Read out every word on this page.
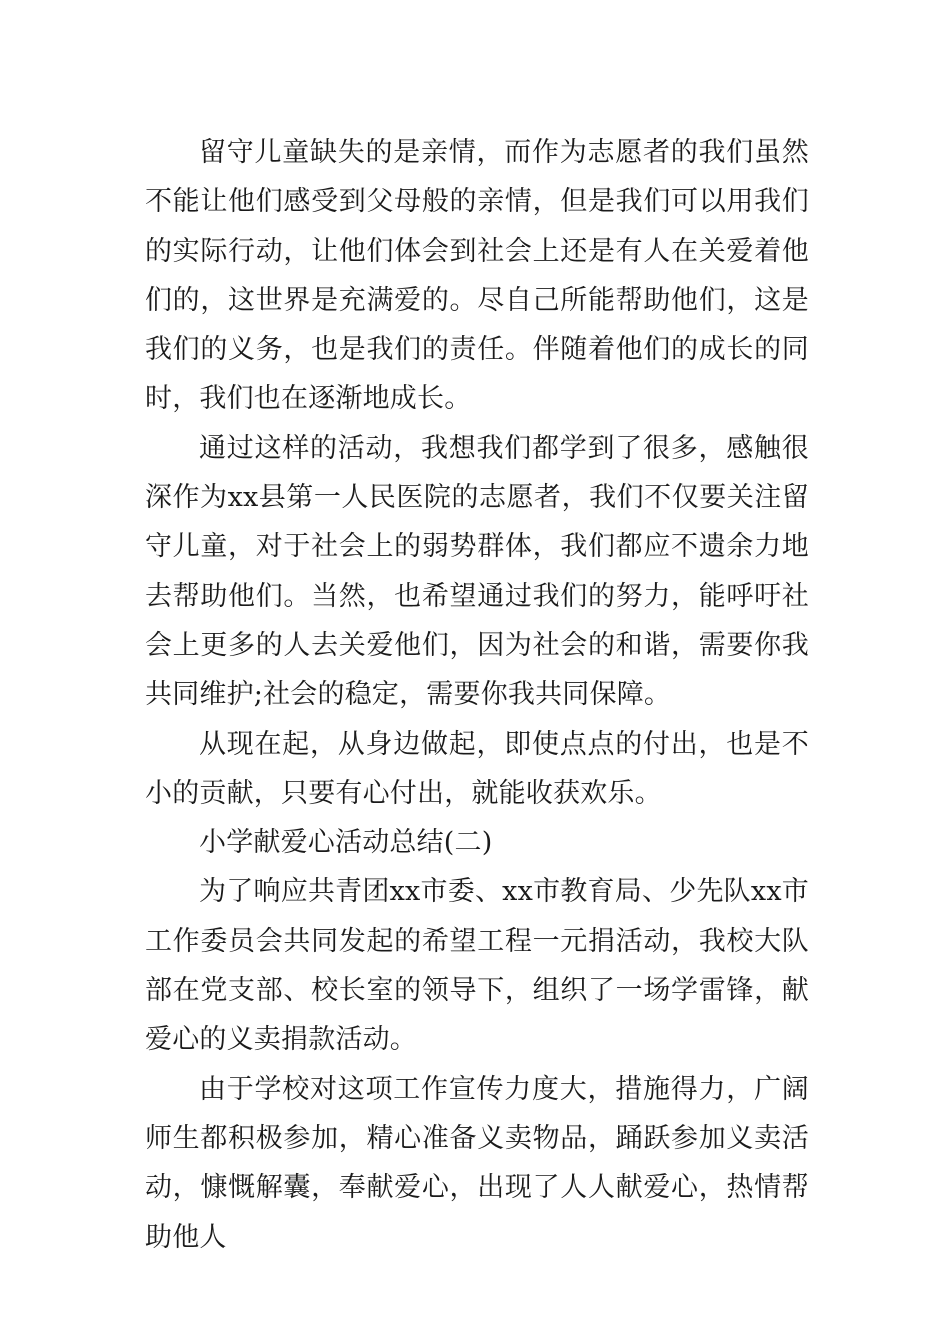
留守儿童缺失的是亲情，而作为志愿者的我们虽然不能让他们感受到父母般的亲情，但是我们可以用我们的实际行动，让他们体会到社会上还是有人在关爱着他们的，这世界是充满爱的。尽自己所能帮助他们，这是我们的义务，也是我们的责任。伴随着他们的成长的同时，我们也在逐渐地成长。

通过这样的活动，我想我们都学到了很多，感触很深作为xx县第一人民医院的志愿者，我们不仅要关注留守儿童，对于社会上的弱势群体，我们都应不遗余力地去帮助他们。当然，也希望通过我们的努力，能呼吁社会上更多的人去关爱他们，因为社会的和谐，需要你我共同维护;社会的稳定，需要你我共同保障。

从现在起，从身边做起，即使点点的付出，也是不小的贡献，只要有心付出，就能收获欢乐。

小学献爱心活动总结(二)

为了响应共青团xx市委、xx市教育局、少先队xx市工作委员会共同发起的希望工程一元捐活动，我校大队部在党支部、校长室的领导下，组织了一场学雷锋，献爱心的义卖捐款活动。

由于学校对这项工作宣传力度大，措施得力，广阔师生都积极参加，精心准备义卖物品，踊跃参加义卖活动，慷慨解囊，奉献爱心，出现了人人献爱心，热情帮助他人
